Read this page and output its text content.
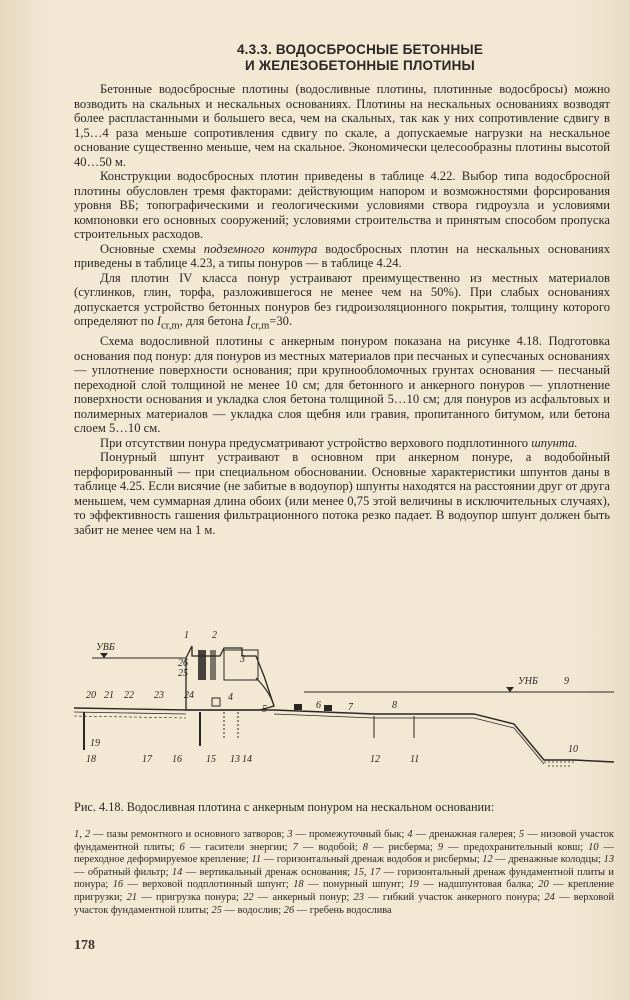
4.3.3. ВОДОСБРОСНЫЕ БЕТОННЫЕ
И ЖЕЛЕЗОБЕТОННЫЕ ПЛОТИНЫ

Бетонные водосбросные плотины (водосливные плотины, плотинные водосбросы) можно возводить на скальных и нескальных основаниях. Плотины на нескальных основаниях возводят более распластанными и большего веса, чем на скальных, так как у них сопротивление сдвигу в 1,5…4 раза меньше сопротивления сдвигу по скале, а допускаемые нагрузки на нескальное основание существенно меньше, чем на скальное. Экономически целесообразны плотины высотой 40…50 м.

Конструкции водосбросных плотин приведены в таблице 4.22. Выбор типа водосбросной плотины обусловлен тремя факторами: действующим напором и возможностями форсирования уровня ВБ; топографическими и геологическими условиями створа гидроузла и условиями компоновки его основных сооружений; условиями строительства и принятым способом пропуска строительных расходов.

Основные схемы подземного контура водосбросных плотин на нескальных основаниях приведены в таблице 4.23, а типы понуров — в таблице 4.24.

Для плотин IV класса понур устраивают преимущественно из местных материалов (суглинков, глин, торфа, разложившегося не менее чем на 50%). При слабых основаниях допускается устройство бетонных понуров без гидроизоляционного покрытия, толщину которого определяют по $I_{cr,m}$, для бетона $I_{cr,m}=30$.

Схема водосливной плотины с анкерным понуром показана на рисунке 4.18. Подготовка основания под понур: для понуров из местных материалов при песчаных и супесчаных основаниях — уплотнение поверхности основания; при крупнообломочных грунтах основания — песчаный переходной слой толщиной не менее 10 см; для бетонного и анкерного понуров — уплотнение поверхности основания и укладка слоя бетона толщиной 5…10 см; для понуров из асфальтовых и полимерных материалов — укладка слоя щебня или гравия, пропитанного битумом, или бетона слоем 5…10 см.

При отсутствии понура предусматривают устройство верхового подплотинного шпунта.

Понурный шпунт устраивают в основном при анкерном понуре, а водобойный перфорированный — при специальном обосновании. Основные характеристики шпунтов даны в таблице 4.25. Если висячие (не забитые в водоупор) шпунты находятся на расстоянии друг от друга меньшем, чем суммарная длина обоих (или менее 0,75 этой величины в исключительных случаях), то эффективность гашения фильтрационного потока резко падает. В водоупор шпунт должен быть забит не менее чем на 1 м.

УВБ
УНБ
1 2
3
4
5	6	7	8
9
10
11
12
13 14
15
16
17
18
19
20 21 22 23 24
25
26
Рис. 4.18. Водосливная плотина с анкерным понуром на нескальном основании:
1, 2 — пазы ремонтного и основного затворов; 3 — промежуточный бык; 4 — дренажная галерея; 5 — низовой участок фундаментной плиты; 6 — гасители энергии; 7 — водобой; 8 — рисберма; 9 — предохранительный ковш; 10 — переходное деформируемое крепление; 11 — горизонтальный дренаж водобоя и рисбермы; 12 — дренажные колодцы; 13 — обратный фильтр; 14 — вертикальный дренаж основания; 15, 17 — горизонтальный дренаж фундаментной плиты и понура; 16 — верховой подплотинный шпунт; 18 — понурный шпунт; 19 — надшпунтовая балка; 20 — крепление пригрузки; 21 — пригрузка понура; 22 — анкерный понур; 23 — гибкий участок анкерного понура; 24 — верховой участок фундаментной плиты; 25 — водослив; 26 — гребень водослива
178
